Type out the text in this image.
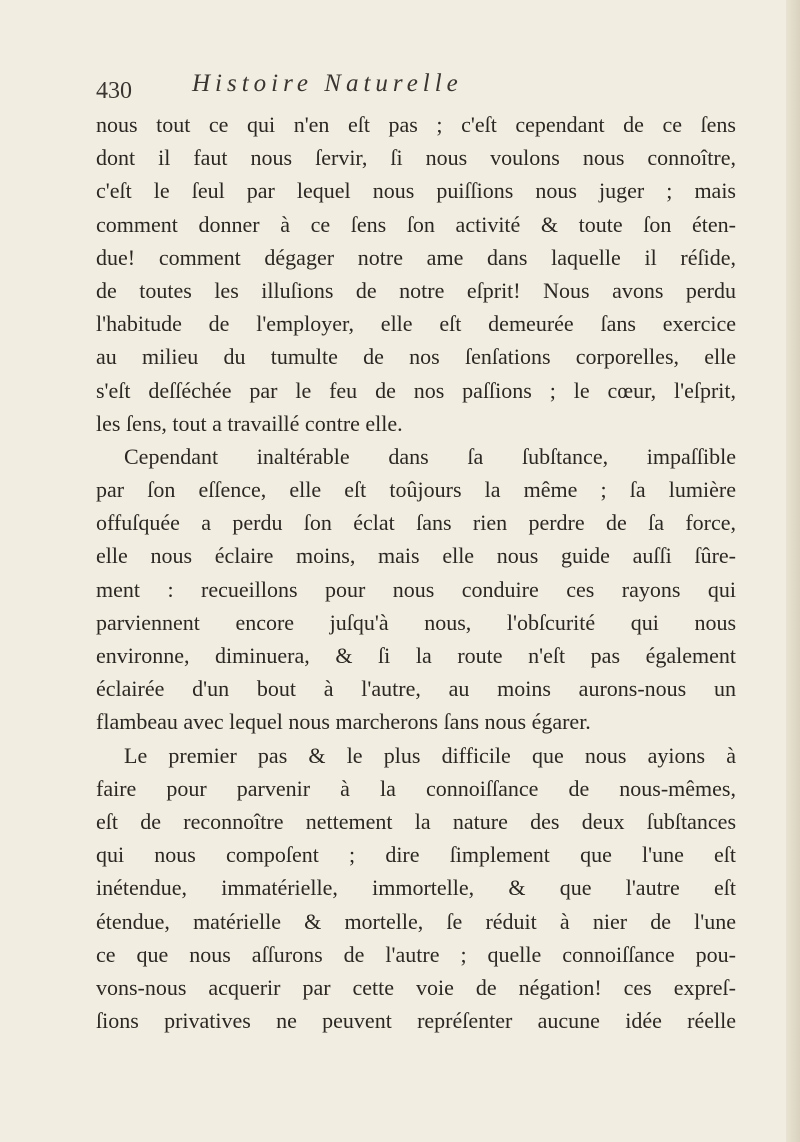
430 Histoire Naturelle
nous tout ce qui n'en eſt pas ; c'eſt cependant de ce ſens
dont il faut nous ſervir, ſi nous voulons nous connoître,
c'eſt le ſeul par lequel nous puiſſions nous juger ; mais
comment donner à ce ſens ſon activité & toute ſon éten-
due! comment dégager notre ame dans laquelle il réſide,
de toutes les illuſions de notre eſprit! Nous avons perdu
l'habitude de l'employer, elle eſt demeurée ſans exercice
au milieu du tumulte de nos ſenſations corporelles, elle
s'eſt deſſéchée par le feu de nos paſſions ; le cœur, l'eſprit,
les ſens, tout a travaillé contre elle.
Cependant inaltérable dans ſa ſubſtance, impaſſible
par ſon eſſence, elle eſt toûjours la même ; ſa lumière
offuſquée a perdu ſon éclat ſans rien perdre de ſa force,
elle nous éclaire moins, mais elle nous guide auſſi ſûre-
ment : recueillons pour nous conduire ces rayons qui
parviennent encore juſqu'à nous, l'obſcurité qui nous
environne, diminuera, & ſi la route n'eſt pas également
éclairée d'un bout à l'autre, au moins aurons-nous un
flambeau avec lequel nous marcherons ſans nous égarer.
Le premier pas & le plus difficile que nous ayions à
faire pour parvenir à la connoiſſance de nous-mêmes,
eſt de reconnoître nettement la nature des deux ſubſtances
qui nous compoſent ; dire ſimplement que l'une eſt
inétendue, immatérielle, immortelle, & que l'autre eſt
étendue, matérielle & mortelle, ſe réduit à nier de l'une
ce que nous aſſurons de l'autre ; quelle connoiſſance pou-
vons-nous acquerir par cette voie de négation! ces expreſ-
ſions privatives ne peuvent repréſenter aucune idée réelle
